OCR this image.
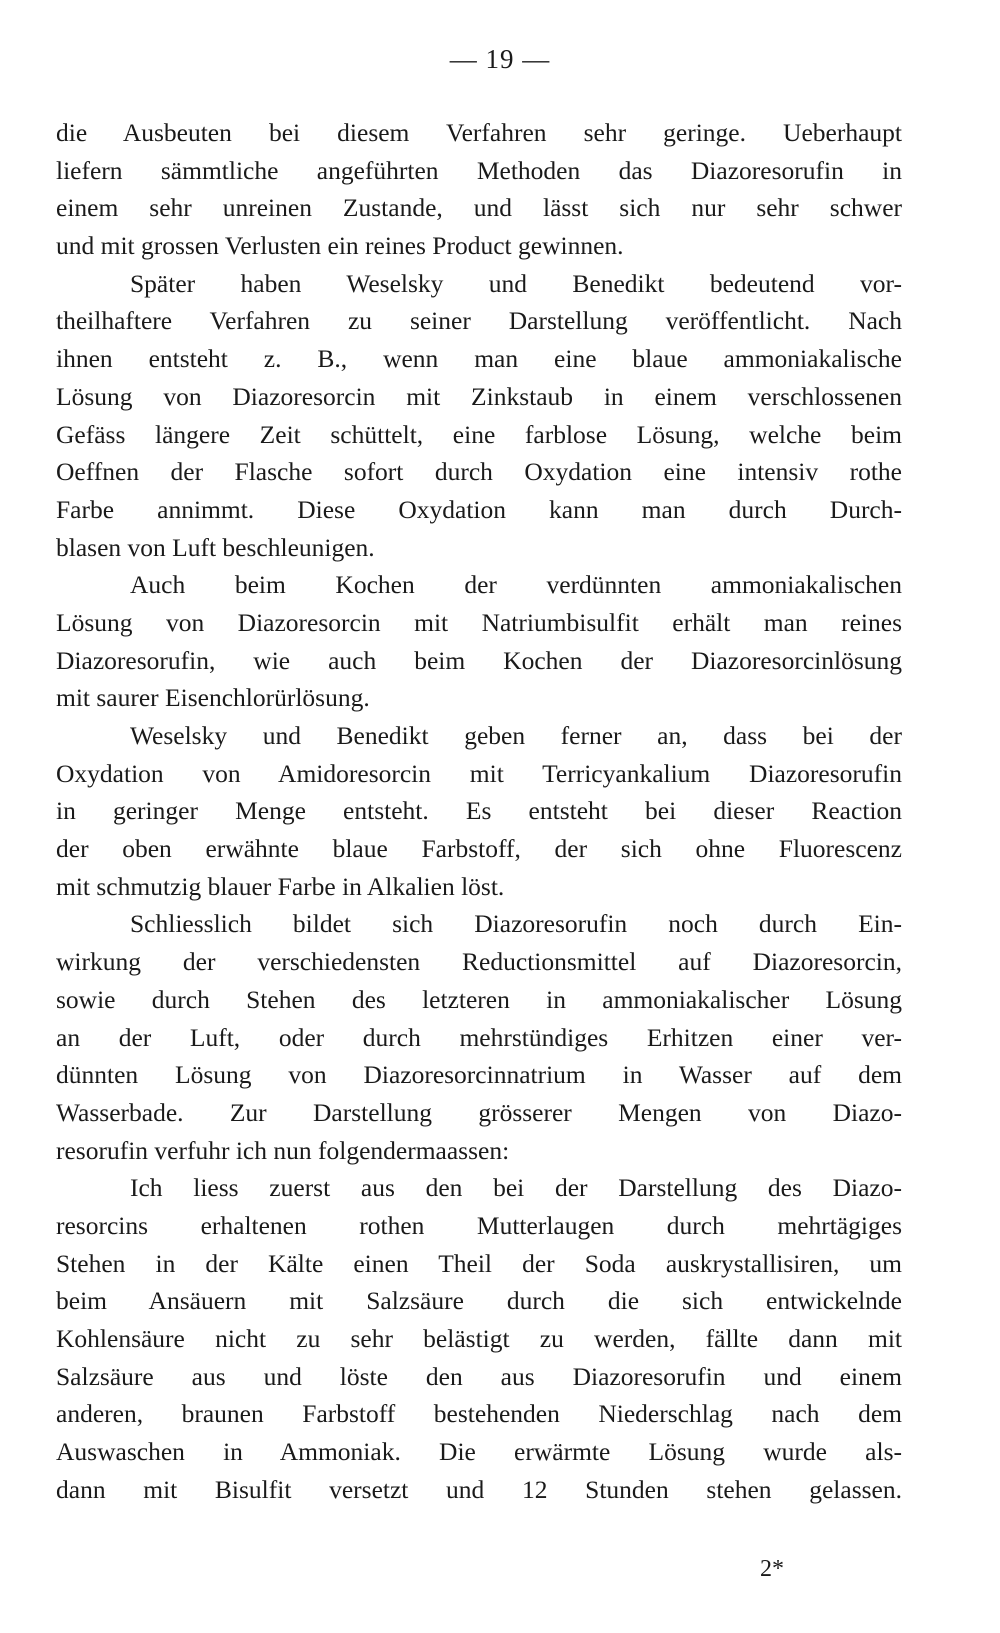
— 19 —
die Ausbeuten bei diesem Verfahren sehr geringe. Ueberhaupt
liefern sämmtliche angeführten Methoden das Diazoresorufin in
einem sehr unreinen Zustande, und lässt sich nur sehr schwer
und mit grossen Verlusten ein reines Product gewinnen.
Später haben Weselsky und Benedikt bedeutend vor-
theilhaftere Verfahren zu seiner Darstellung veröffentlicht. Nach
ihnen entsteht z. B., wenn man eine blaue ammoniakalische
Lösung von Diazoresorcin mit Zinkstaub in einem verschlossenen
Gefäss längere Zeit schüttelt, eine farblose Lösung, welche beim
Oeffnen der Flasche sofort durch Oxydation eine intensiv rothe
Farbe annimmt. Diese Oxydation kann man durch Durch-
blasen von Luft beschleunigen.
Auch beim Kochen der verdünnten ammoniakalischen
Lösung von Diazoresorcin mit Natriumbisulfit erhält man reines
Diazoresorufin, wie auch beim Kochen der Diazoresorcinlösung
mit saurer Eisenchlorürlösung.
Weselsky und Benedikt geben ferner an, dass bei der
Oxydation von Amidoresorcin mit Terricyankalium Diazoresorufin
in geringer Menge entsteht. Es entsteht bei dieser Reaction
der oben erwähnte blaue Farbstoff, der sich ohne Fluorescenz
mit schmutzig blauer Farbe in Alkalien löst.
Schliesslich bildet sich Diazoresorufin noch durch Ein-
wirkung der verschiedensten Reductionsmittel auf Diazoresorcin,
sowie durch Stehen des letzteren in ammoniakalischer Lösung
an der Luft, oder durch mehrstündiges Erhitzen einer ver-
dünnten Lösung von Diazoresorcinnatrium in Wasser auf dem
Wasserbade. Zur Darstellung grösserer Mengen von Diazo-
resorufin verfuhr ich nun folgendermaassen:
Ich liess zuerst aus den bei der Darstellung des Diazo-
resorcins erhaltenen rothen Mutterlaugen durch mehrtägiges
Stehen in der Kälte einen Theil der Soda auskrystallisiren, um
beim Ansäuern mit Salzsäure durch die sich entwickelnde
Kohlensäure nicht zu sehr belästigt zu werden, fällte dann mit
Salzsäure aus und löste den aus Diazoresorufin und einem
anderen, braunen Farbstoff bestehenden Niederschlag nach dem
Auswaschen in Ammoniak. Die erwärmte Lösung wurde als-
dann mit Bisulfit versetzt und 12 Stunden stehen gelassen.
2*
